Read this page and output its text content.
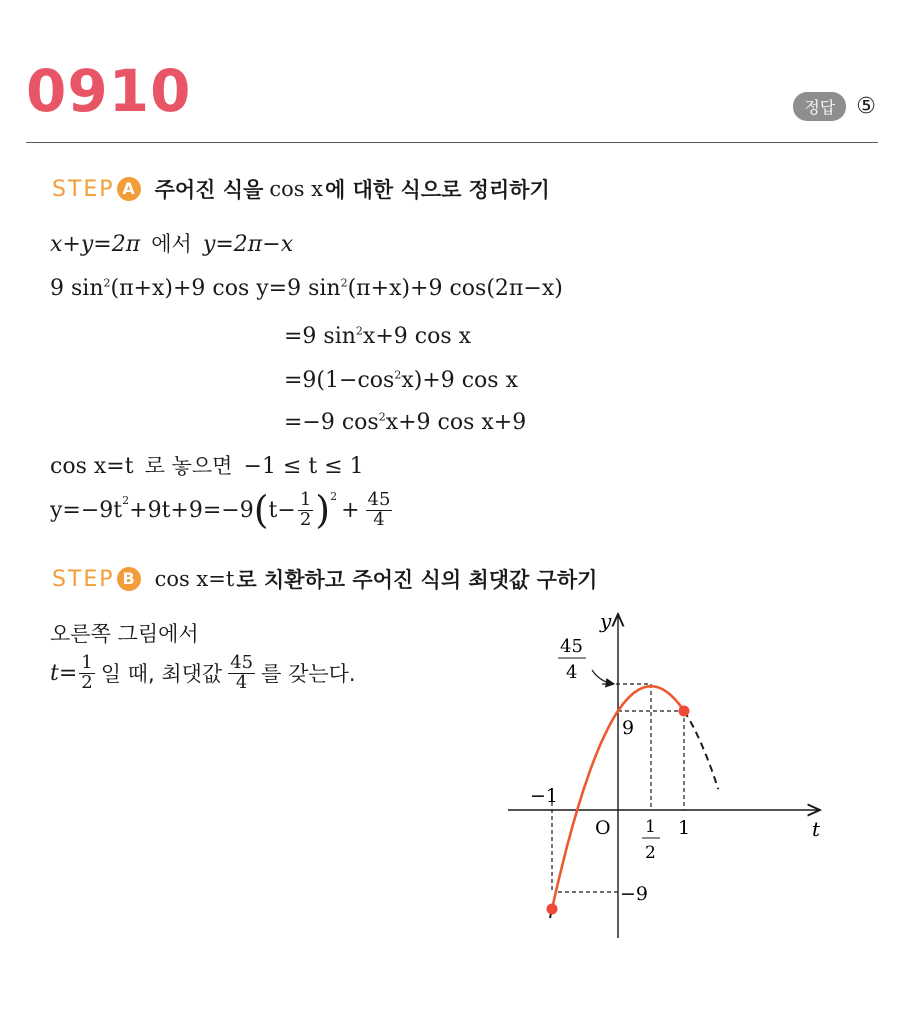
0910	정답 ⑤
STEP A 주어진 식을 cos x 에 대한 식으로 정리하기
x+y=2π 에서 y=2π−x
9 $\sin^2(\pi+x)+9$ cos y=9 $\sin^2(\pi+x)+9$ cos(2π−x)
=9 $\sin^2x+9$ cos x
$=9(1-\cos^2x)+9$ cos x
=−9 $\cos^2x+9$ cos x+9
cos x=t 로 놓으면 −1 ≤ t ≤ 1
$y=-9t^2 +9t+9=-9$ ( $t- \frac{1}{2} )^2$
+ $\frac{45}{4}$
STEP B cos x=t 로 치환하고 주어진 식의 최댓값 구하기
오른쪽 그림에서
$t= \frac{1}{2}$ 일 때, 최댓값 $\frac{45}{4}$ 를 갖는다.
y
t
O
−1
1
1
2
9
−9
45
4
